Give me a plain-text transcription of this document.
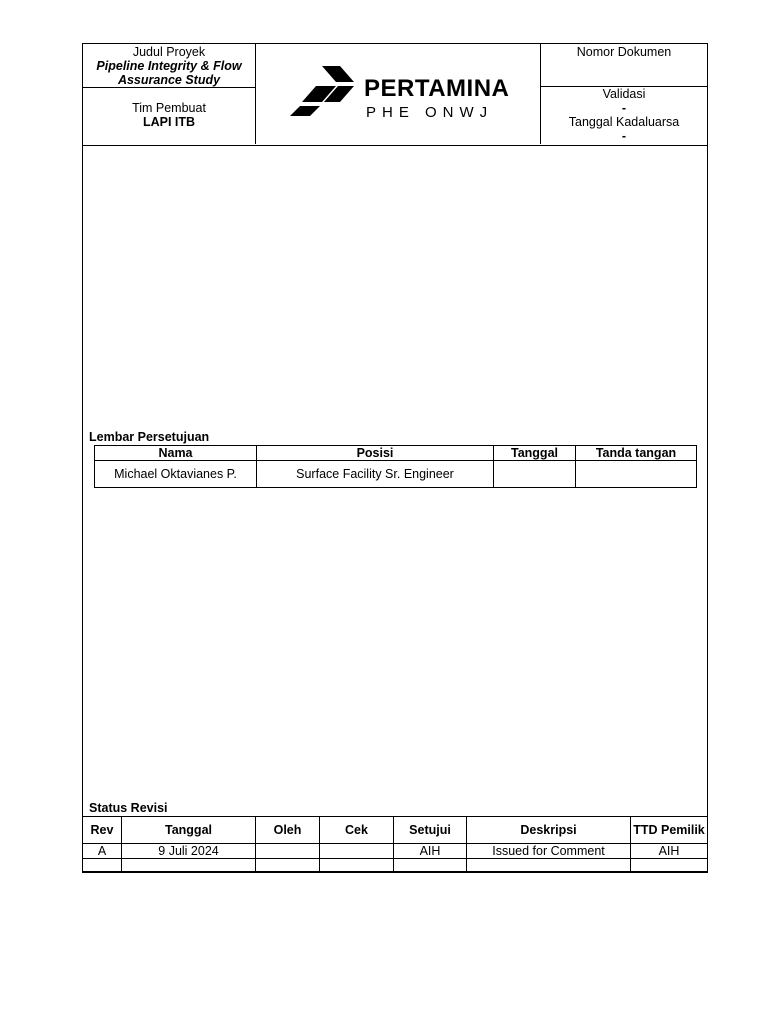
Judul Proyek
Pipeline Integrity & Flow
Assurance Study
Tim Pembuat
LAPI ITB
PERTAMINA
PHE ONWJ
Nomor Dokumen
Validasi
-
Tanggal Kadaluarsa
-
Lembar Persetujuan
Nama	Posisi	Tanggal	Tanda tangan
Michael Oktavianes P.	Surface Facility Sr. Engineer		
Status Revisi
Rev	Tanggal	Oleh	Cek	Setujui	Deskripsi	TTD Pemilik
A	9 Juli 2024			AIH	Issued for Comment	AIH
